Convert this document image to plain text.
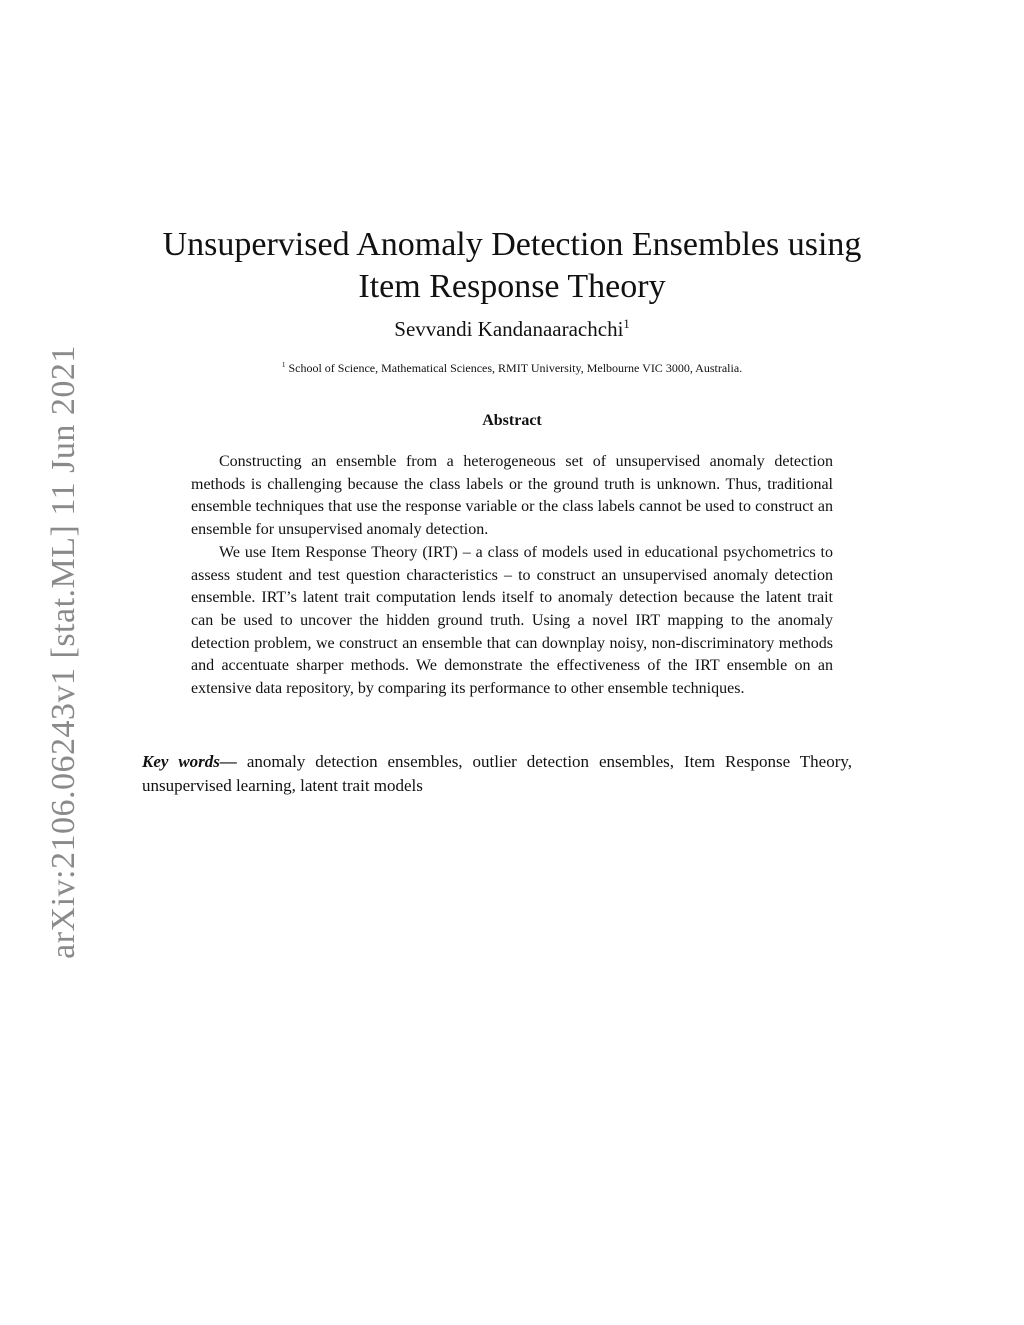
arXiv:2106.06243v1 [stat.ML] 11 Jun 2021
Unsupervised Anomaly Detection Ensembles using
Item Response Theory
Sevvandi Kandanaarachchi$^1$
$^1$ School of Science, Mathematical Sciences, RMIT University, Melbourne VIC 3000, Australia.
Abstract

Constructing an ensemble from a heterogeneous set of unsupervised anomaly detection methods is challenging because the class labels or the ground truth is unknown. Thus, traditional ensemble techniques that use the response variable or the class labels cannot be used to construct an ensemble for unsupervised anomaly detection.

We use Item Response Theory (IRT) – a class of models used in educational psychometrics to assess student and test question characteristics – to construct an unsupervised anomaly detection ensemble. IRT’s latent trait computation lends itself to anomaly detection because the latent trait can be used to uncover the hidden ground truth. Using a novel IRT mapping to the anomaly detection problem, we construct an ensemble that can downplay noisy, non-discriminatory methods and accentuate sharper methods. We demonstrate the effectiveness of the IRT ensemble on an extensive data repository, by comparing its performance to other ensemble techniques.

Key words— anomaly detection ensembles, outlier detection ensembles, Item Response Theory, unsupervised learning, latent trait models
